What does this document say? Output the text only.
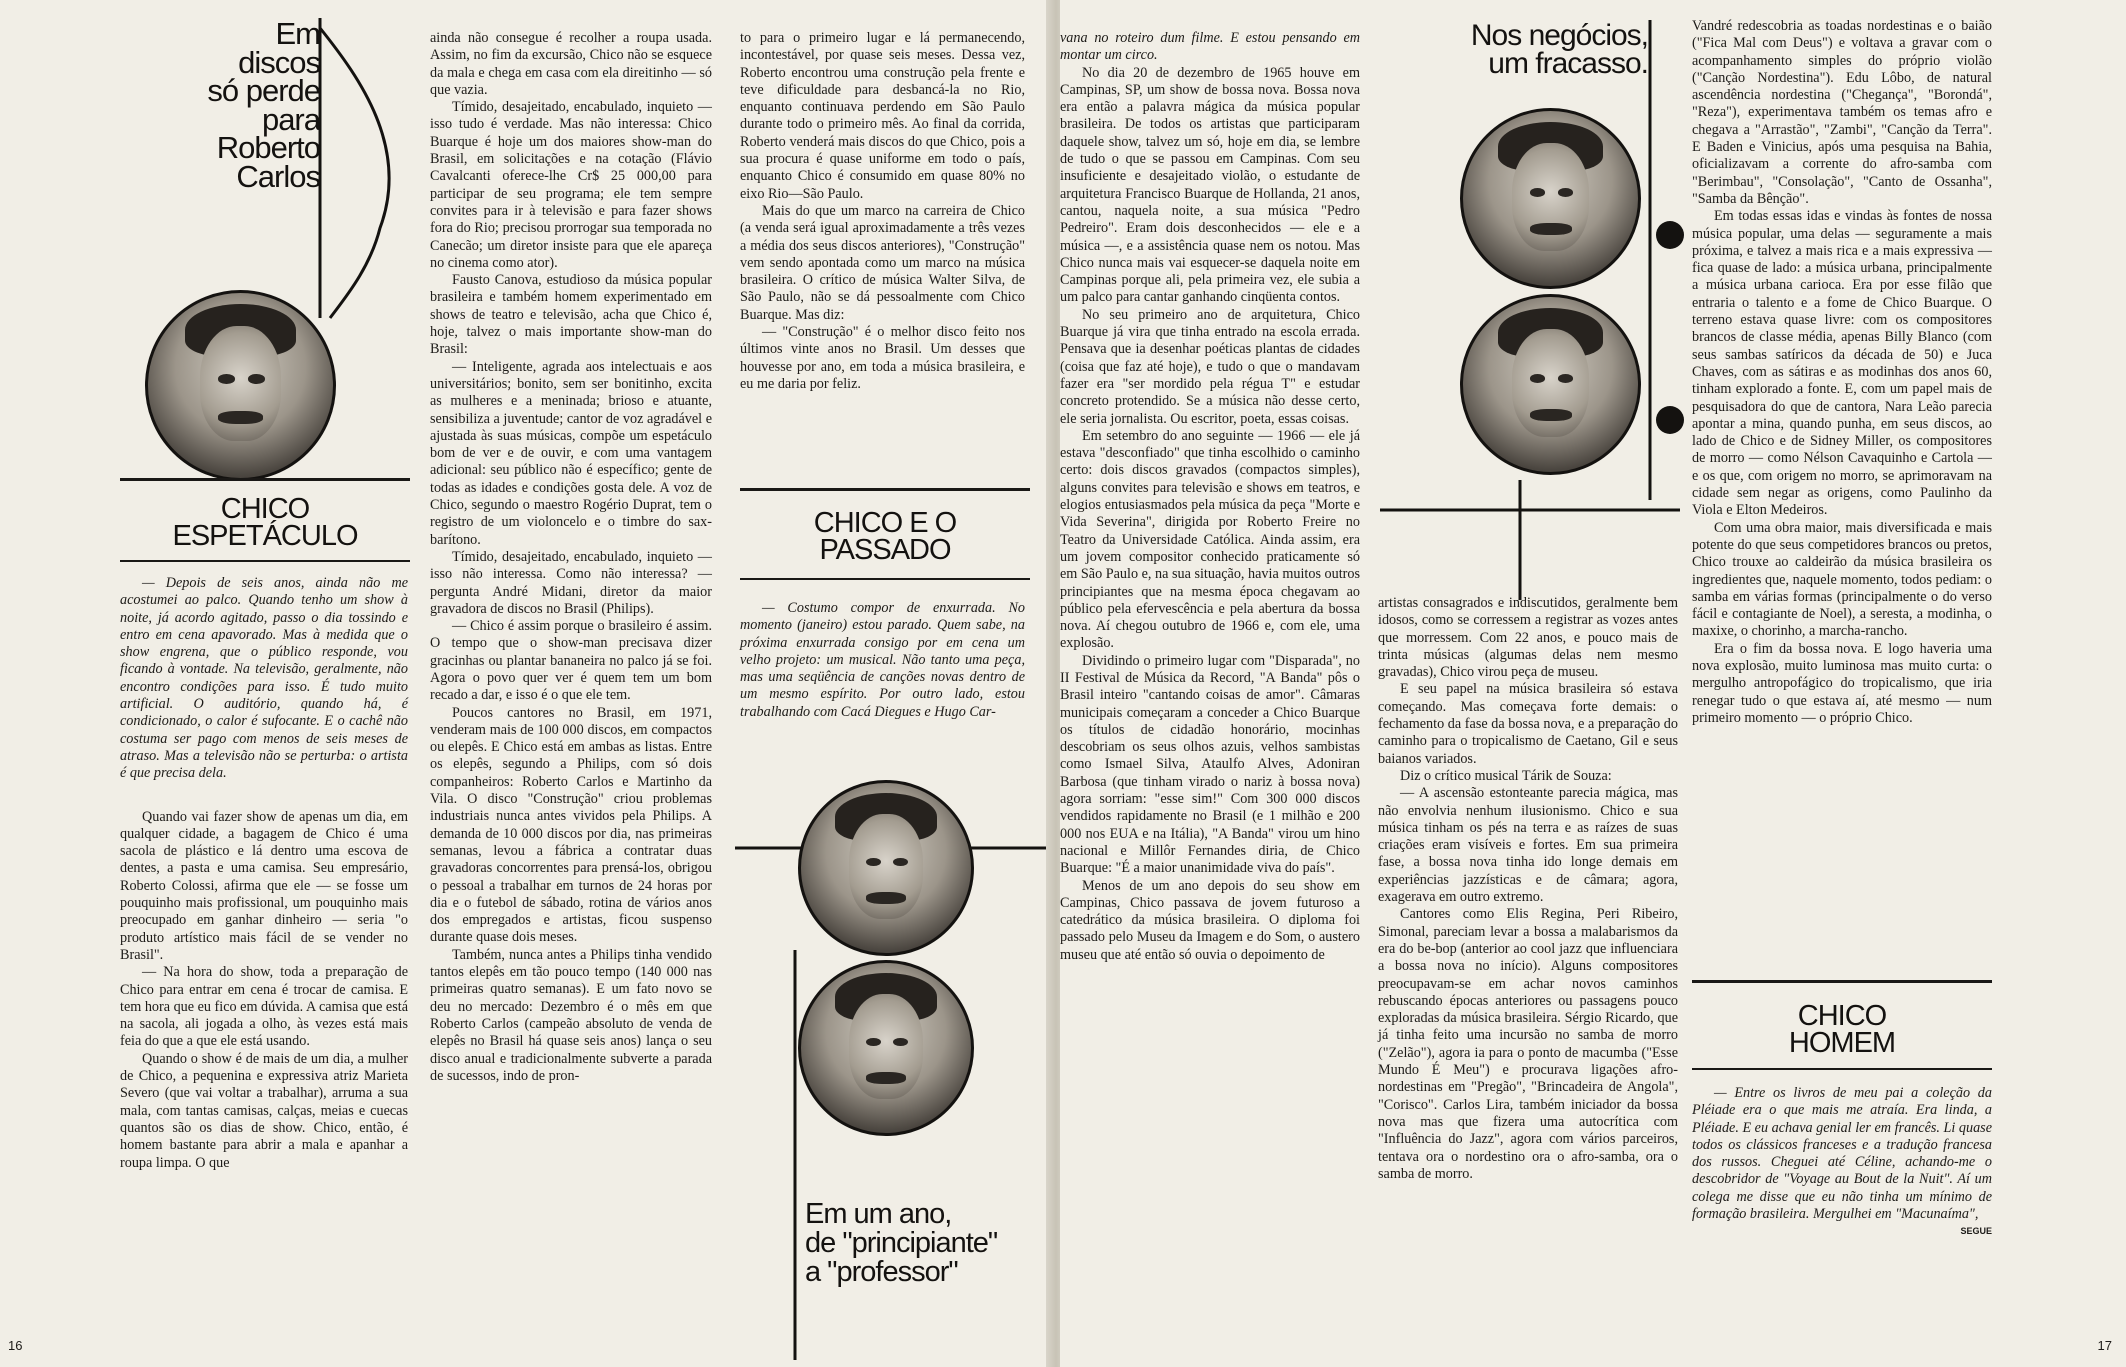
Em
discos
só perde
para
Roberto
Carlos
CHICO
ESPETÁCULO

— Depois de seis anos, ainda não me acostumei ao palco. Quando tenho um show à noite, já acordo agitado, passo o dia tossindo e entro em cena apavorado. Mas à medida que o show engrena, que o público responde, vou ficando à vontade. Na televisão, geralmente, não encontro condições para isso. É tudo muito artificial. O auditório, quando há, é condicionado, o calor é sufocante. E o cachê não costuma ser pago com menos de seis meses de atraso. Mas a televisão não se perturba: o artista é que precisa dela.

Quando vai fazer show de apenas um dia, em qualquer cidade, a bagagem de Chico é uma sacola de plástico e lá dentro uma escova de dentes, a pasta e uma camisa. Seu empresário, Roberto Colossi, afirma que ele — se fosse um pouquinho mais profissional, um pouquinho mais preocupado em ganhar dinheiro — seria "o produto artístico mais fácil de se vender no Brasil".

— Na hora do show, toda a preparação de Chico para entrar em cena é trocar de camisa. E tem hora que eu fico em dúvida. A camisa que está na sacola, ali jogada a olho, às vezes está mais feia do que a que ele está usando.

Quando o show é de mais de um dia, a mulher de Chico, a pequenina e expressiva atriz Marieta Severo (que vai voltar a trabalhar), arruma a sua mala, com tantas camisas, calças, meias e cuecas quantos são os dias de show. Chico, então, é homem bastante para abrir a mala e apanhar a roupa limpa. O que

ainda não consegue é recolher a roupa usada. Assim, no fim da excursão, Chico não se esquece da mala e chega em casa com ela direitinho — só que vazia.

Tímido, desajeitado, encabulado, inquieto — isso tudo é verdade. Mas não interessa: Chico Buarque é hoje um dos maiores show-man do Brasil, em solicitações e na cotação (Flávio Cavalcanti oferece-lhe Cr$ 25 000,00 para participar de seu programa; ele tem sempre convites para ir à televisão e para fazer shows fora do Rio; precisou prorrogar sua temporada no Canecão; um diretor insiste para que ele apareça no cinema como ator).

Fausto Canova, estudioso da música popular brasileira e também homem experimentado em shows de teatro e televisão, acha que Chico é, hoje, talvez o mais importante show-man do Brasil:

— Inteligente, agrada aos intelectuais e aos universitários; bonito, sem ser bonitinho, excita as mulheres e a meninada; brioso e atuante, sensibiliza a juventude; cantor de voz agradável e ajustada às suas músicas, compõe um espetáculo bom de ver e de ouvir, e com uma vantagem adicional: seu público não é específico; gente de todas as idades e condições gosta dele. A voz de Chico, segundo o maestro Rogério Duprat, tem o registro de um violoncelo e o timbre do sax-barítono.

Tímido, desajeitado, encabulado, inquieto — isso não interessa. Como não interessa? — pergunta André Midani, diretor da maior gravadora de discos no Brasil (Philips).

— Chico é assim porque o brasileiro é assim. O tempo que o show-man precisava dizer gracinhas ou plantar bananeira no palco já se foi. Agora o povo quer ver é quem tem um bom recado a dar, e isso é o que ele tem.

Poucos cantores no Brasil, em 1971, venderam mais de 100 000 discos, em compactos ou elepês. E Chico está em ambas as listas. Entre os elepês, segundo a Philips, com só dois companheiros: Roberto Carlos e Martinho da Vila. O disco "Construção" criou problemas industriais nunca antes vividos pela Philips. A demanda de 10 000 discos por dia, nas primeiras semanas, levou a fábrica a contratar duas gravadoras concorrentes para prensá-los, obrigou o pessoal a trabalhar em turnos de 24 horas por dia e o futebol de sábado, rotina de vários anos dos empregados e artistas, ficou suspenso durante quase dois meses.

Também, nunca antes a Philips tinha vendido tantos elepês em tão pouco tempo (140 000 nas primeiras quatro semanas). E um fato novo se deu no mercado: Dezembro é o mês em que Roberto Carlos (campeão absoluto de venda de elepês no Brasil há quase seis anos) lança o seu disco anual e tradicionalmente subverte a parada de sucessos, indo de pron-

to para o primeiro lugar e lá permanecendo, incontestável, por quase seis meses. Dessa vez, Roberto encontrou uma construção pela frente e teve dificuldade para desbancá-la no Rio, enquanto continuava perdendo em São Paulo durante todo o primeiro mês. Ao final da corrida, Roberto venderá mais discos do que Chico, pois a sua procura é quase uniforme em todo o país, enquanto Chico é consumido em quase 80% no eixo Rio—São Paulo.

Mais do que um marco na carreira de Chico (a venda será igual aproximadamente a três vezes a média dos seus discos anteriores), "Construção" vem sendo apontada como um marco na música brasileira. O crítico de música Walter Silva, de São Paulo, não se dá pessoalmente com Chico Buarque. Mas diz:

— "Construção" é o melhor disco feito nos últimos vinte anos no Brasil. Um desses que houvesse por ano, em toda a música brasileira, e eu me daria por feliz.

CHICO E O
PASSADO

— Costumo compor de enxurrada. No momento (janeiro) estou parado. Quem sabe, na próxima enxurrada consigo por em cena um velho projeto: um musical. Não tanto uma peça, mas uma seqüência de canções novas dentro de um mesmo espírito. Por outro lado, estou trabalhando com Cacá Diegues e Hugo Car-

Em um ano,
de "principiante"
a "professor"
16

vana no roteiro dum filme. E estou pensando em montar um circo.

No dia 20 de dezembro de 1965 houve em Campinas, SP, um show de bossa nova. Bossa nova era então a palavra mágica da música popular brasileira. De todos os artistas que participaram daquele show, talvez um só, hoje em dia, se lembre de tudo o que se passou em Campinas. Com seu insuficiente e desajeitado violão, o estudante de arquitetura Francisco Buarque de Hollanda, 21 anos, cantou, naquela noite, a sua música "Pedro Pedreiro". Eram dois desconhecidos — ele e a música —, e a assistência quase nem os notou. Mas Chico nunca mais vai esquecer-se daquela noite em Campinas porque ali, pela primeira vez, ele subia a um palco para cantar ganhando cinqüenta contos.

No seu primeiro ano de arquitetura, Chico Buarque já vira que tinha entrado na escola errada. Pensava que ia desenhar poéticas plantas de cidades (coisa que faz até hoje), e tudo o que o mandavam fazer era "ser mordido pela régua T" e estudar concreto protendido. Se a música não desse certo, ele seria jornalista. Ou escritor, poeta, essas coisas.

Em setembro do ano seguinte — 1966 — ele já estava "desconfiado" que tinha escolhido o caminho certo: dois discos gravados (compactos simples), alguns convites para televisão e shows em teatros, e elogios entusiasmados pela música da peça "Morte e Vida Severina", dirigida por Roberto Freire no Teatro da Universidade Católica. Ainda assim, era um jovem compositor conhecido praticamente só em São Paulo e, na sua situação, havia muitos outros principiantes que na mesma época chegavam ao público pela efervescência e pela abertura da bossa nova. Aí chegou outubro de 1966 e, com ele, uma explosão.

Dividindo o primeiro lugar com "Disparada", no II Festival de Música da Record, "A Banda" pôs o Brasil inteiro "cantando coisas de amor". Câmaras municipais começaram a conceder a Chico Buarque os títulos de cidadão honorário, mocinhas descobriam os seus olhos azuis, velhos sambistas como Ismael Silva, Ataulfo Alves, Adoniran Barbosa (que tinham virado o nariz à bossa nova) agora sorriam: "esse sim!" Com 300 000 discos vendidos rapidamente no Brasil (e 1 milhão e 200 000 nos EUA e na Itália), "A Banda" virou um hino nacional e Millôr Fernandes diria, de Chico Buarque: "É a maior unanimidade viva do país".

Menos de um ano depois do seu show em Campinas, Chico passava de jovem futuroso a catedrático da música brasileira. O diploma foi passado pelo Museu da Imagem e do Som, o austero museu que até então só ouvia o depoimento de

Nos negócios,
um fracasso.

artistas consagrados e indiscutidos, geralmente bem idosos, como se corressem a registrar as vozes antes que morressem. Com 22 anos, e pouco mais de trinta músicas (algumas delas nem mesmo gravadas), Chico virou peça de museu.

E seu papel na música brasileira só estava começando. Mas começava forte demais: o fechamento da fase da bossa nova, e a preparação do caminho para o tropicalismo de Caetano, Gil e seus baianos variados.

Diz o crítico musical Tárik de Souza:

— A ascensão estonteante parecia mágica, mas não envolvia nenhum ilusionismo. Chico e sua música tinham os pés na terra e as raízes de suas criações eram visíveis e fortes. Em sua primeira fase, a bossa nova tinha ido longe demais em experiências jazzísticas e de câmara; agora, exagerava em outro extremo.

Cantores como Elis Regina, Peri Ribeiro, Simonal, pareciam levar a bossa a malabarismos da era do be-bop (anterior ao cool jazz que influenciara a bossa nova no início). Alguns compositores preocupavam-se em achar novos caminhos rebuscando épocas anteriores ou passagens pouco exploradas da música brasileira. Sérgio Ricardo, que já tinha feito uma incursão no samba de morro ("Zelão"), agora ia para o ponto de macumba ("Esse Mundo É Meu") e procurava ligações afro-nordestinas em "Pregão", "Brincadeira de Angola", "Corisco". Carlos Lira, também iniciador da bossa nova mas que fizera uma autocrítica com "Influência do Jazz", agora com vários parceiros, tentava ora o nordestino ora o afro-samba, ora o samba de morro.

Vandré redescobria as toadas nordestinas e o baião ("Fica Mal com Deus") e voltava a gravar com o acompanhamento simples do próprio violão ("Canção Nordestina"). Edu Lôbo, de natural ascendência nordestina ("Chegança", "Borondá", "Reza"), experimentava também os temas afro e chegava a "Arrastão", "Zambi", "Canção da Terra". E Baden e Vinicius, após uma pesquisa na Bahia, oficializavam a corrente do afro-samba com "Berimbau", "Consolação", "Canto de Ossanha", "Samba da Bênção".

Em todas essas idas e vindas às fontes de nossa música popular, uma delas — seguramente a mais próxima, e talvez a mais rica e a mais expressiva — fica quase de lado: a música urbana, principalmente a música urbana carioca. Era por esse filão que entraria o talento e a fome de Chico Buarque. O terreno estava quase livre: com os compositores brancos de classe média, apenas Billy Blanco (com seus sambas satíricos da década de 50) e Juca Chaves, com as sátiras e as modinhas dos anos 60, tinham explorado a fonte. E, com um papel mais de pesquisadora do que de cantora, Nara Leão parecia apontar a mina, quando punha, em seus discos, ao lado de Chico e de Sidney Miller, os compositores de morro — como Nélson Cavaquinho e Cartola — e os que, com origem no morro, se aprimoravam na cidade sem negar as origens, como Paulinho da Viola e Elton Medeiros.

Com uma obra maior, mais diversificada e mais potente do que seus competidores brancos ou pretos, Chico trouxe ao caldeirão da música brasileira os ingredientes que, naquele momento, todos pediam: o samba em várias formas (principalmente o do verso fácil e contagiante de Noel), a seresta, a modinha, o maxixe, o chorinho, a marcha-rancho.

Era o fim da bossa nova. E logo haveria uma nova explosão, muito luminosa mas muito curta: o mergulho antropofágico do tropicalismo, que iria renegar tudo o que estava aí, até mesmo — num primeiro momento — o próprio Chico.

CHICO
HOMEM

— Entre os livros de meu pai a coleção da Pléiade era o que mais me atraía. Era linda, a Pléiade. E eu achava genial ler em francês. Li quase todos os clássicos franceses e a tradução francesa dos russos. Cheguei até Céline, achando-me o descobridor de "Voyage au Bout de la Nuit". Aí um colega me disse que eu não tinha um mínimo de formação brasileira. Mergulhei em "Macunaíma",

SEGUE
17
